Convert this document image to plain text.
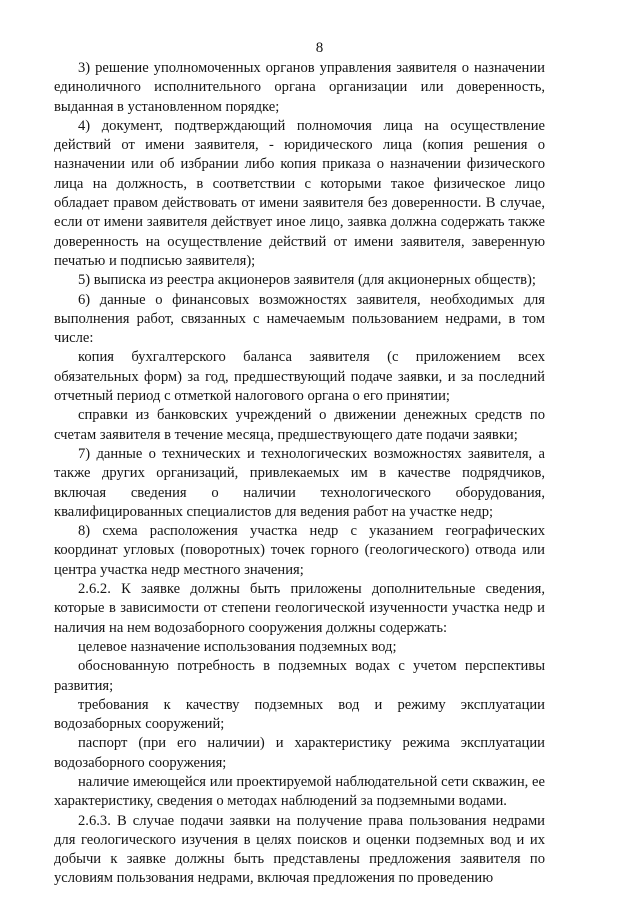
8

3) решение уполномоченных органов управления заявителя о назначении единоличного исполнительного органа организации или доверенность, выданная в установленном порядке;

4) документ, подтверждающий полномочия лица на осуществление действий от имени заявителя, - юридического лица (копия решения о назначении или об избрании либо копия приказа о назначении физического лица на должность, в соответствии с которыми такое физическое лицо обладает правом действовать от имени заявителя без доверенности. В случае, если от имени заявителя действует иное лицо, заявка должна содержать также доверенность на осуществление действий от имени заявителя, заверенную печатью и подписью заявителя);

5) выписка из реестра акционеров заявителя (для акционерных обществ);

6) данные о финансовых возможностях заявителя, необходимых для выполнения работ, связанных с намечаемым пользованием недрами, в том числе:

копия бухгалтерского баланса заявителя (с приложением всех обязательных форм) за год, предшествующий подаче заявки, и за последний отчетный период с отметкой налогового органа о его принятии;

справки из банковских учреждений о движении денежных средств по счетам заявителя в течение месяца, предшествующего дате подачи заявки;

7) данные о технических и технологических возможностях заявителя, а также других организаций, привлекаемых им в качестве подрядчиков, включая сведения о наличии технологического оборудования, квалифицированных специалистов для ведения работ на участке недр;

8) схема расположения участка недр с указанием географических координат угловых (поворотных) точек горного (геологического) отвода или центра участка недр местного значения;

2.6.2. К заявке должны быть приложены дополнительные сведения, которые в зависимости от степени геологической изученности участка недр и наличия на нем водозаборного сооружения должны содержать:

целевое назначение использования подземных вод;

обоснованную потребность в подземных водах с учетом перспективы развития;

требования к качеству подземных вод и режиму эксплуатации водозаборных сооружений;

паспорт (при его наличии) и характеристику режима эксплуатации водозаборного сооружения;

наличие имеющейся или проектируемой наблюдательной сети скважин, ее характеристику, сведения о методах наблюдений за подземными водами.

2.6.3. В случае подачи заявки на получение права пользования недрами для геологического изучения в целях поисков и оценки подземных вод и их добычи к заявке должны быть представлены предложения заявителя по условиям пользования недрами, включая предложения по проведению
